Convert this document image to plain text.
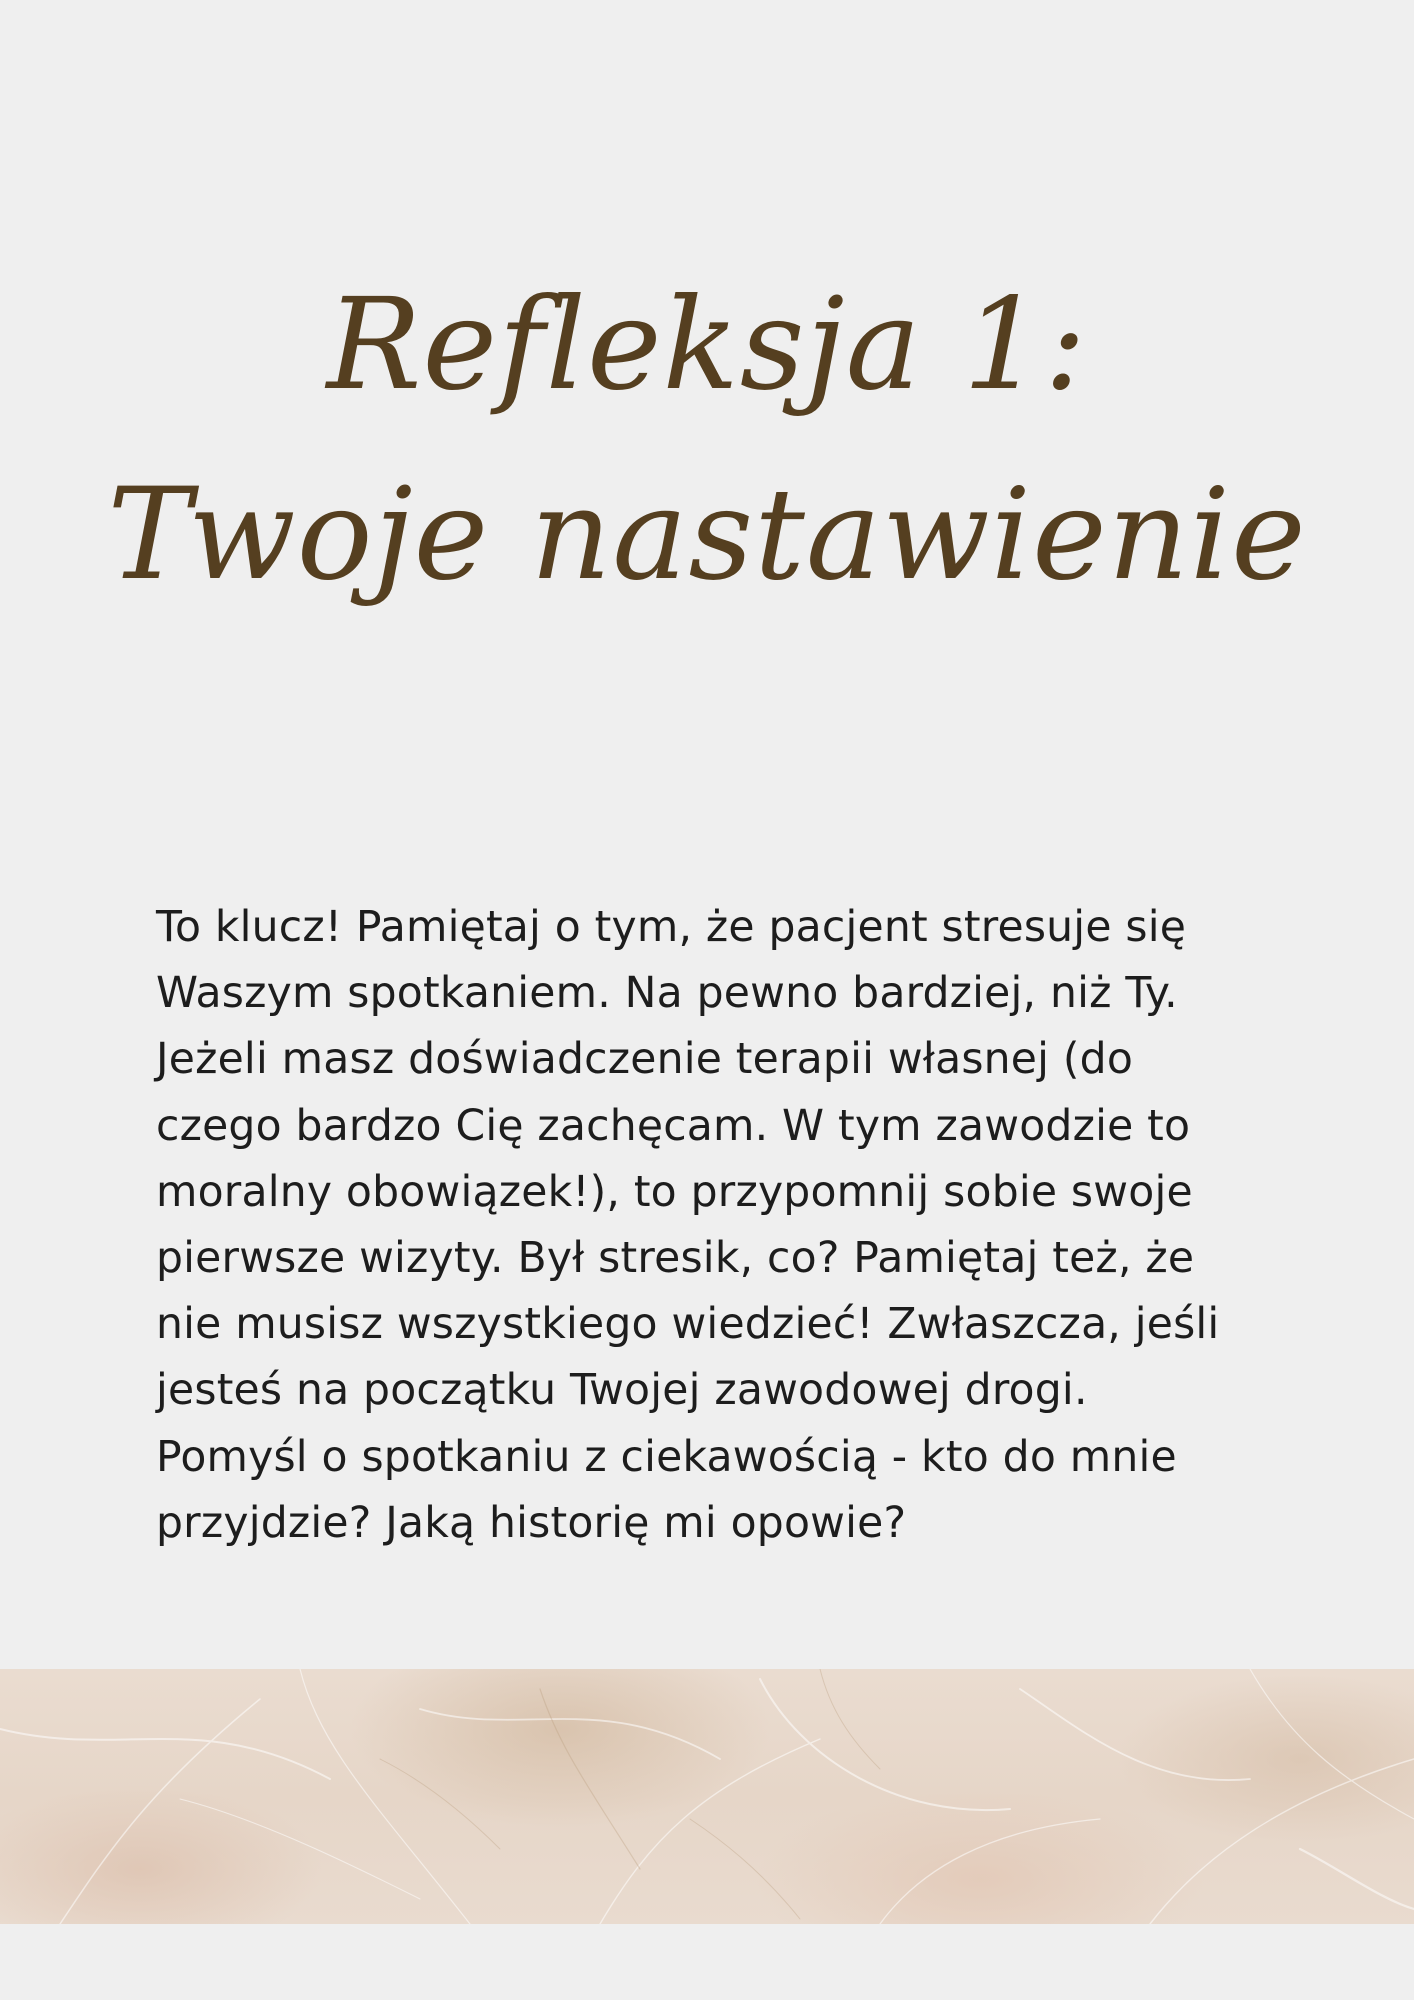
Refleksja 1:
Twoje nastawienie
To klucz! Pamiętaj o tym, że pacjent stresuje się
Waszym spotkaniem. Na pewno bardziej, niż Ty.
Jeżeli masz doświadczenie terapii własnej (do
czego bardzo Cię zachęcam. W tym zawodzie to
moralny obowiązek!), to przypomnij sobie swoje
pierwsze wizyty. Był stresik, co? Pamiętaj też, że
nie musisz wszystkiego wiedzieć! Zwłaszcza, jeśli
jesteś na początku Twojej zawodowej drogi.
Pomyśl o spotkaniu z ciekawością - kto do mnie
przyjdzie? Jaką historię mi opowie?
